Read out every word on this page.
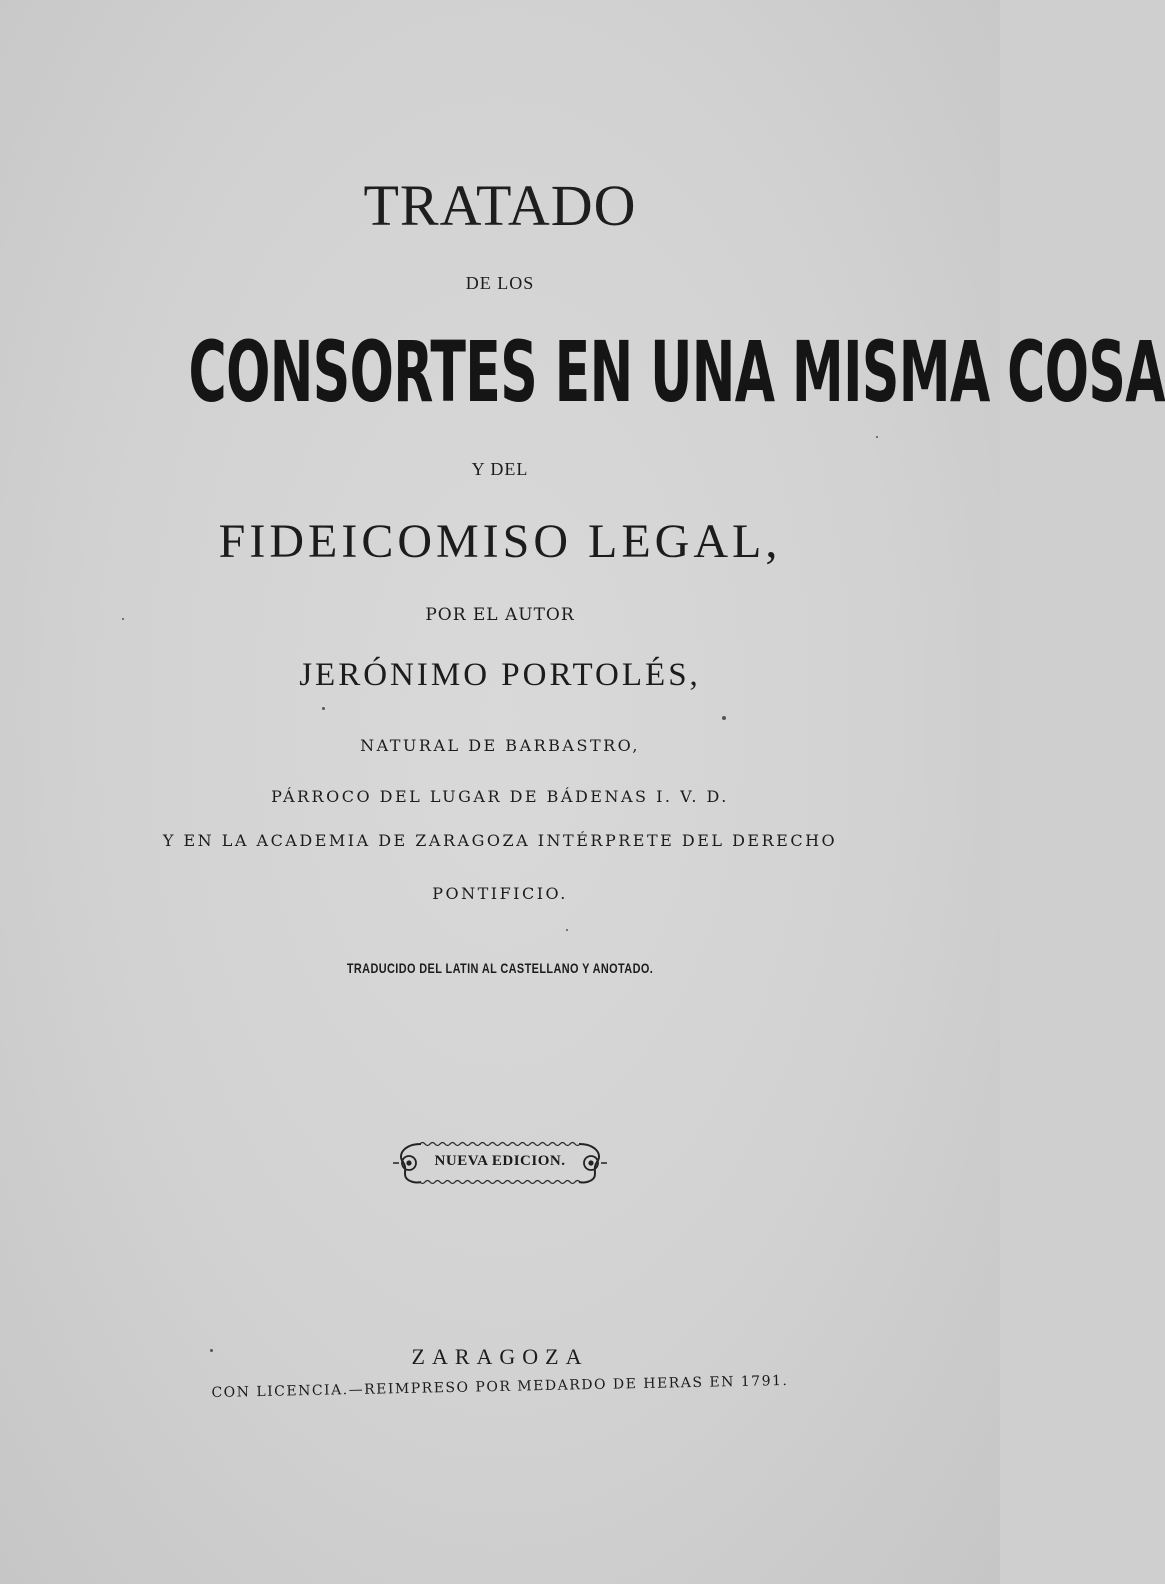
TRATADO

DE LOS

CONSORTES EN UNA MISMA COSA

Y DEL

FIDEICOMISO LEGAL,

POR EL AUTOR

JERÓNIMO PORTOLÉS,

NATURAL DE BARBASTRO,

PÁRROCO DEL LUGAR DE BÁDENAS I. V. D.

Y EN LA ACADEMIA DE ZARAGOZA INTÉRPRETE DEL DERECHO

PONTIFICIO.

TRADUCIDO DEL LATIN AL CASTELLANO Y ANOTADO.

NUEVA EDICION.

ZARAGOZA

CON LICENCIA.—REIMPRESO POR MEDARDO DE HERAS EN 1791.
